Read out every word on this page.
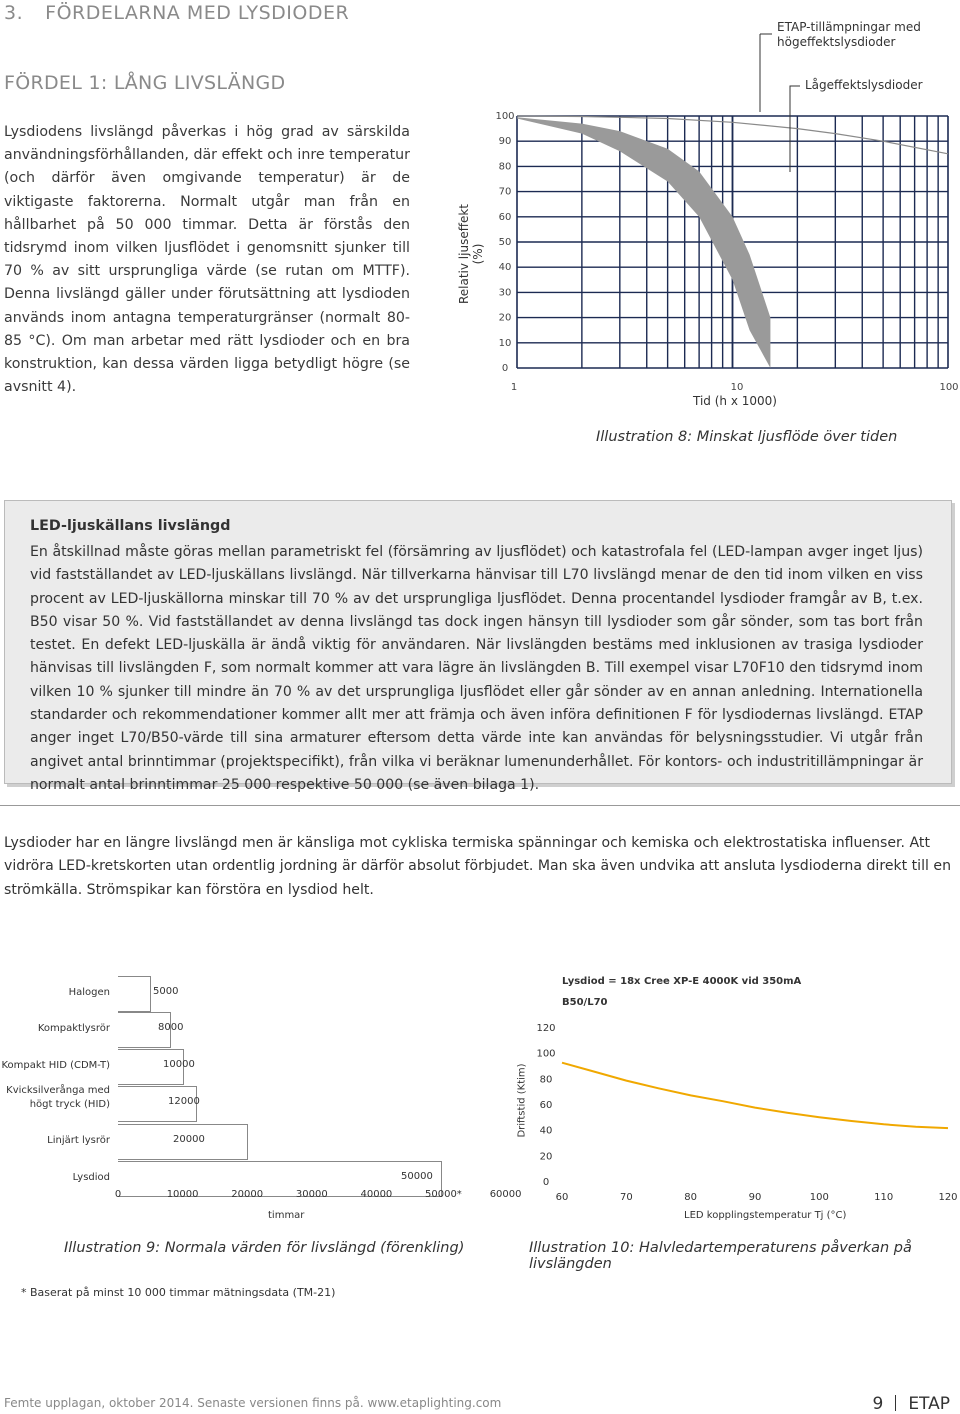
3. FÖRDELARNA MED LYSDIODER
FÖRDEL 1: LÅNG LIVSLÄNGD
Lysdiodens livslängd påverkas i hög grad av särskilda användningsförhållanden, där effekt och inre temperatur (och därför även omgivande temperatur) är de viktigaste faktorerna. Normalt utgår man från en hållbarhet på 50 000 timmar. Detta är förstås den tidsrymd inom vilken ljusflödet i genomsnitt sjunker till 70 % av sitt ursprungliga värde (se rutan om MTTF). Denna livslängd gäller under förutsättning att lysdioden används inom antagna temperaturgränser (normalt 80-85 °C). Om man arbetar med rätt lysdioder och en bra konstruktion, kan dessa värden ligga betydligt högre (se avsnitt 4).
0
10
20
30
40
50
60
70
80
90
100
1	10	100
ETAP-tillämpningar med högeffektslysdioder
Lågeffektslysdioder
Relativ ljuseffekt (%)
Tid (h x 1000)
Illustration 8: Minskat ljusflöde över tiden
LED-ljuskällans livslängd
En åtskillnad måste göras mellan parametriskt fel (försämring av ljusflödet) och katastrofala fel (LED-lampan avger inget ljus) vid fastställandet av LED-ljuskällans livslängd. När tillverkarna hänvisar till L70 livslängd menar de den tid inom vilken en viss procent av LED-ljuskällorna minskar till 70 % av det ursprungliga ljusflödet. Denna procentandel lysdioder framgår av B, t.ex. B50 visar 50 %. Vid fastställandet av denna livslängd tas dock ingen hänsyn till lysdioder som går sönder, som tas bort från testet. En defekt LED-ljuskälla är ändå viktig för användaren. När livslängden bestäms med inklusionen av trasiga lysdioder hänvisas till livslängden F, som normalt kommer att vara lägre än livslängden B. Till exempel visar L70F10 den tidsrymd inom vilken 10 % sjunker till mindre än 70 % av det ursprungliga ljusflödet eller går sönder av en annan anledning. Internationella standarder och rekommendationer kommer allt mer att främja och även införa definitionen F för lysdiodernas livslängd. ETAP anger inget L70/B50-värde till sina armaturer eftersom detta värde inte kan användas för belysningsstudier. Vi utgår från angivet antal brinntimmar (projektspecifikt), från vilka vi beräknar lumenunderhållet. För kontors- och industritillämpningar är normalt antal brinntimmar 25 000 respektive 50 000 (se även bilaga 1).
Lysdioder har en längre livslängd men är känsliga mot cykliska termiska spänningar och kemiska och elektrostatiska influenser. Att vidröra LED-kretskorten utan ordentlig jordning är därför absolut förbjudet. Man ska även undvika att ansluta lysdioderna direkt till en strömkälla. Strömspikar kan förstöra en lysdiod helt.
Halogen	5000
Kompaktlysrör	8000
Kompakt HID (CDM-T)	10000
Kvicksilverånga med högt tryck (HID)	12000
Linjärt lysrör	20000
Lysdiod	50000
0	10000	20000	30000	40000	50000*	60000
timmar
Illustration 9: Normala värden för livslängd (förenkling)
* Baserat på minst 10 000 timmar mätningsdata (TM-21)
0
20
40
60
80
100
120
60	70	80	90	100	110	120
Lysdiod = 18x Cree XP-E 4000K vid 350mA
B50/L70
Driftstid (Ktim)
LED kopplingstemperatur Tj (°C)
Illustration 10: Halvledartemperaturens påverkan på livslängden
Femte upplagan, oktober 2014. Senaste versionen finns på. www.etaplighting.com	9 ETAP
